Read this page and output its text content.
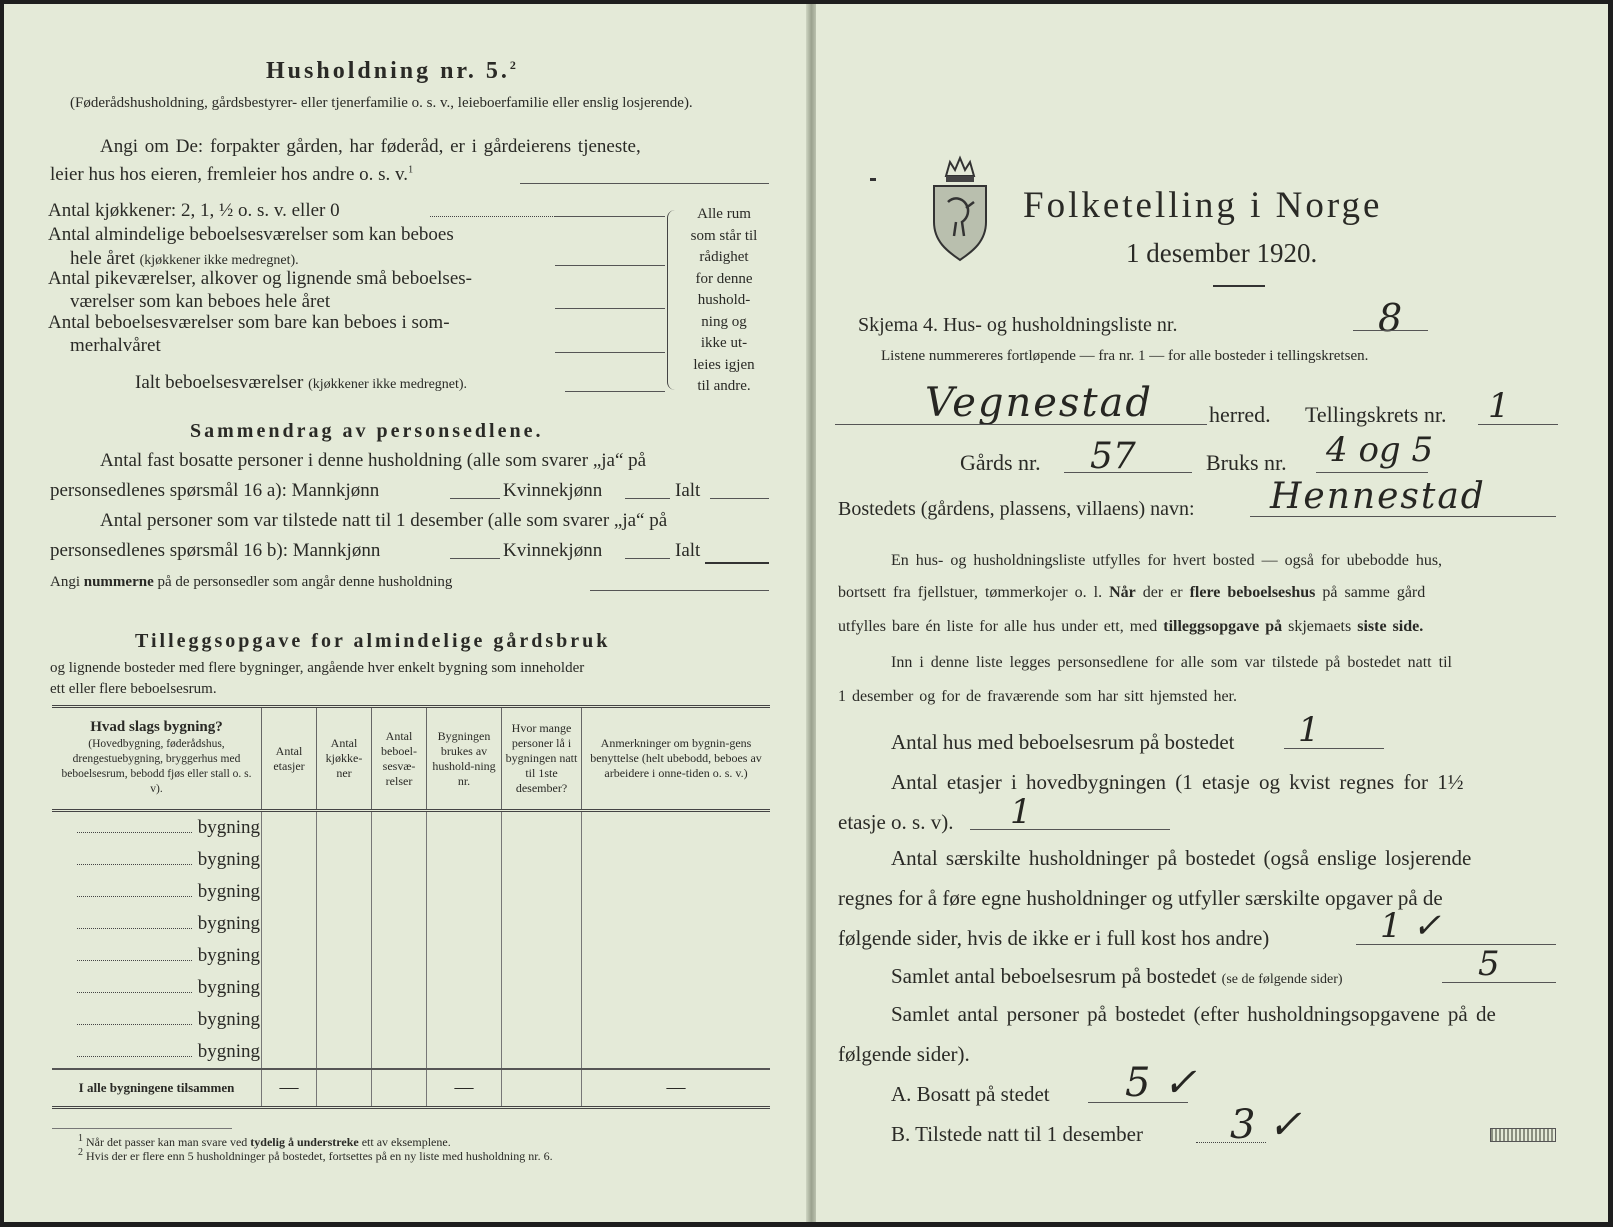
Husholdning nr. 5.$^2$
(Føderådshusholdning, gårdsbestyrer- eller tjenerfamilie o. s. v., leieboerfamilie eller enslig losjerende).
Angi om De: forpakter gården, har føderåd, er i gårdeierens tjeneste,
leier hus hos eieren, fremleier hos andre o. s. v.$^1$
Antal kjøkkener: 2, 1, ½ o. s. v. eller 0
Antal almindelige beboelsesværelser som kan beboes
hele året (kjøkkener ikke medregnet).
Antal pikeværelser, alkover og lignende små beboelses-
værelser som kan beboes hele året
Antal beboelsesværelser som bare kan beboes i som-
merhalvåret
Ialt beboelsesværelser (kjøkkener ikke medregnet).
Alle rum
som står til
rådighet
for denne
hushold-
ning og
ikke ut-
leies igjen
til andre.
Sammendrag av personsedlene.
Antal fast bosatte personer i denne husholdning (alle som svarer „ja“ på
personsedlenes spørsmål 16 a): Mannkjønn	Kvinnekjønn	Ialt
Antal personer som var tilstede natt til 1 desember (alle som svarer „ja“ på
personsedlenes spørsmål 16 b): Mannkjønn	Kvinnekjønn	Ialt
Angi nummerne på de personsedler som angår denne husholdning
Tilleggsopgave for almindelige gårdsbruk
og lignende bosteder med flere bygninger, angående hver enkelt bygning som inneholder
ett eller flere beboelsesrum.
Hvad slags bygning?
(Hovedbygning, føderådshus, drengestuebygning, bryggerhus med beboelsesrum, bebodd fjøs eller stall o. s. v).	Antal etasjer	Antal kjøkke-ner	Antal beboel-sesvæ-relser	Bygningen brukes av hushold-ning nr.	Hvor mange personer lå i bygningen natt til 1ste desember?	Anmerkninger om bygnin-gens benyttelse (helt ubebodd, beboes av arbeidere i onne-tiden o. s. v.)
bygning						
bygning						
bygning						
bygning						
bygning						
bygning						
bygning						
bygning						
I alle bygningene tilsammen	—			—		—
$^1$ Når det passer kan man svare ved tydelig å understreke ett av eksemplene.
$^2$ Hvis der er flere enn 5 husholdninger på bostedet, fortsettes på en ny liste med husholdning nr. 6.
Folketelling i Norge
1 desember 1920.
Skjema 4. Hus- og husholdningsliste nr.	8
Listene nummereres fortløpende — fra nr. 1 — for alle bosteder i tellingskretsen.
Vegnestad	herred. Tellingskrets nr. 1
Gårds nr. 57	Bruks nr. 4 og 5
Bostedets (gårdens, plassens, villaens) navn: Hennestad
En hus- og husholdningsliste utfylles for hvert bosted — også for ubebodde hus,
bortsett fra fjellstuer, tømmerkojer o. l. Når der er flere beboelseshus på samme gård
utfylles bare én liste for alle hus under ett, med tilleggsopgave på skjemaets siste side.
Inn i denne liste legges personsedlene for alle som var tilstede på bostedet natt til
1 desember og for de fraværende som har sitt hjemsted her.
Antal hus med beboelsesrum på bostedet 1
Antal etasjer i hovedbygningen (1 etasje og kvist regnes for 1½
etasje o. s. v). 1
Antal særskilte husholdninger på bostedet (også enslige losjerende
regnes for å føre egne husholdninger og utfyller særskilte opgaver på de
følgende sider, hvis de ikke er i full kost hos andre)	1 ✓
Samlet antal beboelsesrum på bostedet (se de følgende sider)	5
Samlet antal personer på bostedet (efter husholdningsopgavene på de
følgende sider).
A. Bosatt på stedet 5 ✓
B. Tilstede natt til 1 desember 3 ✓
